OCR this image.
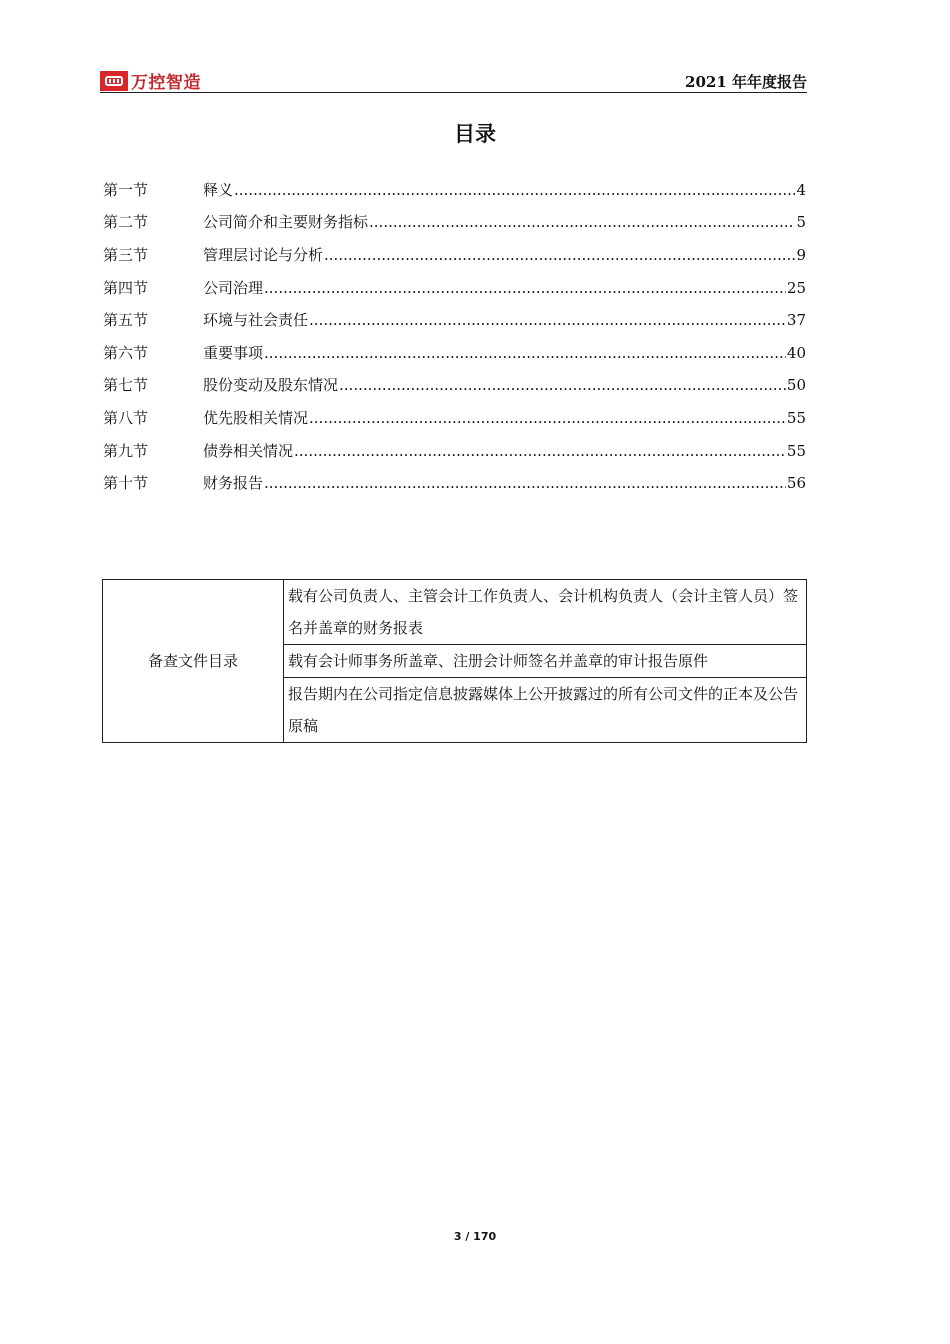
万控智造	2021 年年度报告
目录
第一节	释义 .....	4
第二节	公司简介和主要财务指标 .....	5
第三节	管理层讨论与分析 .....	9
第四节	公司治理 .....	25
第五节	环境与社会责任 .....	37
第六节	重要事项 .....	40
第七节	股份变动及股东情况 .....	50
第八节	优先股相关情况 .....	55
第九节	债券相关情况 .....	55
第十节	财务报告 .....	56
备查文件目录	载有公司负责人、主管会计工作负责人、会计机构负责人（会计主管人员）签名并盖章的财务报表
载有会计师事务所盖章、注册会计师签名并盖章的审计报告原件
报告期内在公司指定信息披露媒体上公开披露过的所有公司文件的正本及公告原稿
3 / 170
